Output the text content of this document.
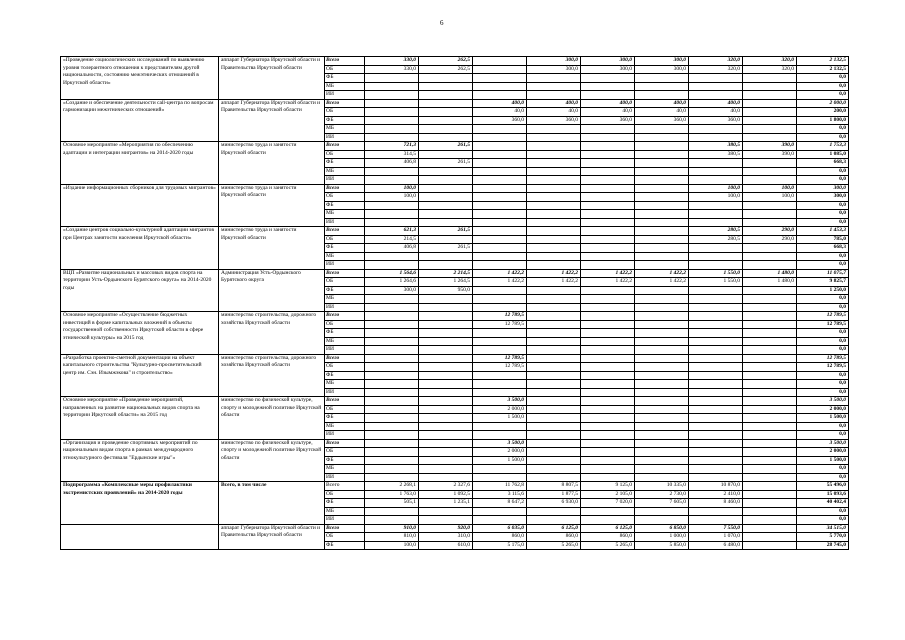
6
«Проведение социологических исследований по выявлению уровня толерантного отношения к представителям другой национальности, состоянию межэтнических отношений в Иркутской области»	аппарат Губернатора Иркутской области и Правительства Иркутской области	Всего	330,0	262,5		300,0	300,0	300,0	320,0	320,0	2 132,5
		ОБ	330,0	262,5		300,0	300,0	300,0	320,0	320,0	2 132,5
		ФБ									0,0
		МБ									0,0
		ИИ									0,0
«Создание и обеспечение деятельности call-центра по вопросам гармонизации межэтнических отношений»	аппарат Губернатора Иркутской области и Правительства Иркутской области	Всего			400,0	400,0	400,0	400,0	400,0		2 000,0
		ОБ			40,0	40,0	40,0	40,0	40,0		200,0
		ФБ			360,0	360,0	360,0	360,0	360,0		1 800,0
		МБ									0,0
		ИИ									0,0
Основное мероприятие «Мероприятия по обеспечению адаптации и интеграции мигрантов» на 2014-2020 годы	министерство труда и занятости Иркутской области	Всего	721,3	261,5					380,5	390,0	1 753,3
		ОБ	314,5						380,5	390,0	1 085,0
		ФБ	406,8	261,5							668,3
		МБ									0,0
		ИИ									0,0
«Издание информационных сборников для трудовых мигрантов»	министерство труда и занятости Иркутской области	Всего	100,0						100,0	100,0	300,0
		ОБ	100,0						100,0	100,0	300,0
		ФБ									0,0
		МБ									0,0
		ИИ									0,0
«Создание центров социально-культурной адаптации мигрантов при Центрах занятости населения Иркутской области»	министерство труда и занятости Иркутской области	Всего	621,3	261,5					280,5	290,0	1 453,3
		ОБ	214,5						280,5	290,0	785,0
		ФБ	406,8	261,5							668,3
		МБ									0,0
		ИИ									0,0
ВЦП «Развитие национальных и массовых видов спорта на территории Усть-Ордынского Бурятского округа» на 2014-2020 годы	Администрация Усть-Ордынского Бурятского округа	Всего	1 564,6	2 214,5	1 422,2	1 422,2	1 422,2	1 422,2	1 550,0	1 480,0	11 075,7
		ОБ	1 264,6	1 264,5	1 422,2	1 422,2	1 422,2	1 422,2	1 550,0	1 480,0	9 825,7
		ФБ	300,0	950,0							1 250,0
		МБ									0,0
		ИИ									0,0
Основное мероприятие «Осуществление бюджетных инвестиций в форме капитальных вложений в объекты государственной собственности Иркутской области в сфере этнической культуры» на 2015 год	министерство строительства, дорожного хозяйства Иркутской области	Всего			12 789,5						12 789,5
		ОБ			12 789,5						12 789,5
		ФБ									0,0
		МБ									0,0
		ИИ									0,0
«Разработка проектно-сметной документации на объект капитального строительства "Культурно-просветительский центр им. Сэн. Изымжэкова" и строительство»	министерство строительства, дорожного хозяйства Иркутской области	Всего			12 789,5						12 789,5
		ОБ			12 789,5						12 789,5
		ФБ									0,0
		МБ									0,0
		ИИ									0,0
Основное мероприятие «Проведение мероприятий, направленных на развитие национальных видов спорта на территории Иркутской области» на 2015 год	министерство по физической культуре, спорту и молодежной политике Иркутской области	Всего			3 500,0						3 500,0
		ОБ			2 000,0						2 000,0
		ФБ			1 500,0						1 500,0
		МБ									0,0
		ИИ									0,0
«Организация и проведение спортивных мероприятий по национальным видам спорта в рамках международного этнокультурного фестиваля "Ердынские игры"»	министерство по физической культуре, спорту и молодежной политике Иркутской области	Всего			3 500,0						3 500,0
		ОБ			2 000,0						2 000,0
		ФБ			1 500,0						1 500,0
		МБ									0,0
		ИИ									0,0
Подпрограмма «Комплексные меры профилактики экстремистских проявлений» на 2014-2020 годы	Всего, в том числе	Всего	2 268,1	2 327,6	11 762,8	8 807,5	9 125,0	10 335,0	10 870,0		55 496,0
		ОБ	1 763,0	1 092,5	3 115,6	1 877,5	2 105,0	2 730,0	2 410,0		15 093,6
		ФБ	505,1	1 235,1	8 647,2	6 930,0	7 020,0	7 605,0	8 460,0		40 402,4
		МБ									0,0
		ИИ									0,0
	аппарат Губернатора Иркутской области и Правительства Иркутской области	Всего	910,0	920,0	6 035,0	6 125,0	6 125,0	6 850,0	7 550,0		34 515,0
		ОБ	810,0	310,0	860,0	860,0	860,0	1 000,0	1 070,0		5 770,0
		ФБ	100,0	610,0	5 175,0	5 265,0	5 265,0	5 850,0	6 480,0		28 745,0
